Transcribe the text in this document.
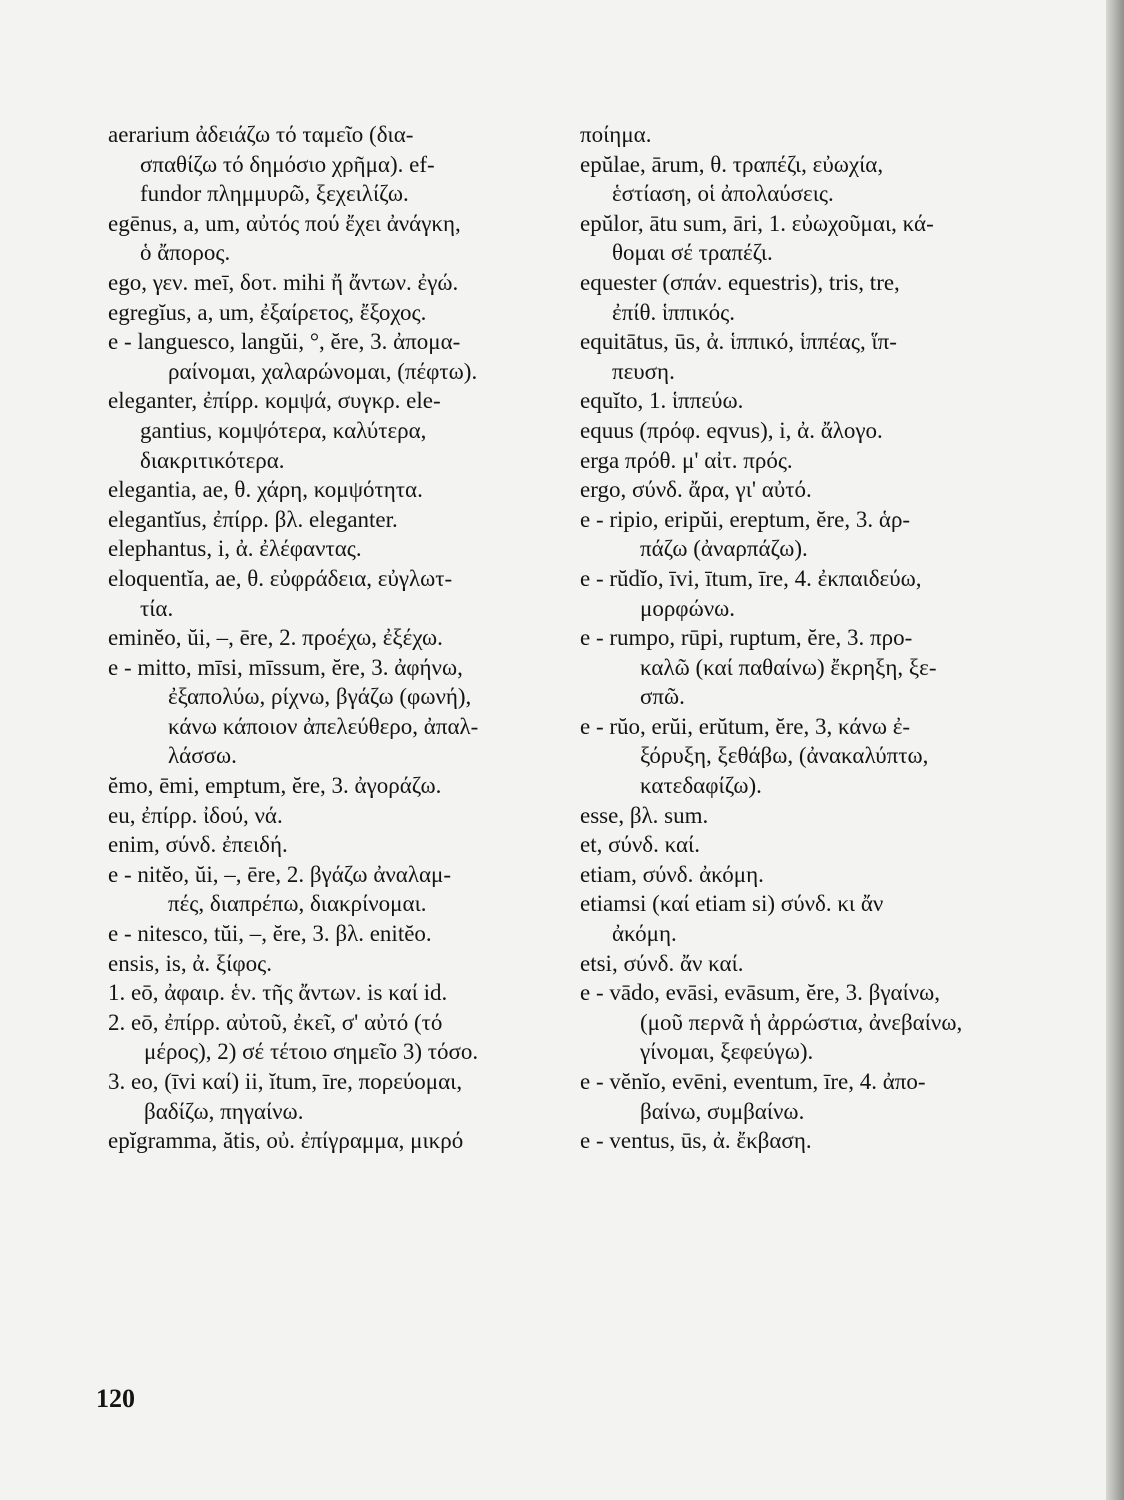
aerarium ἀδειάζω τό ταμεῖο (δια-
σπαθίζω τό δημόσιο χρῆμα). ef-
fundor πλημμυρῶ, ξεχειλίζω.
egēnus, a, um, αὐτός πού ἔχει ἀνάγκη,
ὁ ἄπορος.
ego, γεν. meī, δοτ. mihi ἤ ἄντων. ἐγώ.
egregĭus, a, um, ἐξαίρετος, ἔξοχος.
e - languesco, langŭi, °, ĕre, 3. ἀπομα-
ραίνομαι, χαλαρώνομαι, (πέφτω).
eleganter, ἐπίρρ. κομψά, συγκρ. ele-
gantius, κομψότερα, καλύτερα,
διακριτικότερα.
elegantia, ae, θ. χάρη, κομψότητα.
elegantĭus, ἐπίρρ. βλ. eleganter.
elephantus, i, ἀ. ἐλέφαντας.
eloquentĭa, ae, θ. εὐφράδεια, εὐγλωτ-
τία.
eminĕo, ŭi, –, ēre, 2. προέχω, ἐξέχω.
e - mitto, mīsi, mīssum, ĕre, 3. ἀφήνω,
ἐξαπολύω, ρίχνω, βγάζω (φωνή),
κάνω κάποιον ἀπελεύθερο, ἀπαλ-
λάσσω.
ĕmo, ēmi, emptum, ĕre, 3. ἀγοράζω.
eu, ἐπίρρ. ἰδού, νά.
enim, σύνδ. ἐπειδή.
e - nitĕo, ŭi, –, ēre, 2. βγάζω ἀναλαμ-
πές, διαπρέπω, διακρίνομαι.
e - nitesco, tŭi, –, ĕre, 3. βλ. enitĕo.
ensis, is, ἀ. ξίφος.
1. eō, ἀφαιρ. ἑν. τῆς ἄντων. is καί id.
2. eō, ἐπίρρ. αὐτοῦ, ἐκεῖ, σ' αὐτό (τό
μέρος), 2) σέ τέτοιο σημεῖο 3) τόσο.
3. eo, (īvi καί) ii, ĭtum, īre, πορεύομαι,
βαδίζω, πηγαίνω.
epĭgramma, ătis, οὐ. ἐπίγραμμα, μικρό
ποίημα.
epŭlae, ārum, θ. τραπέζι, εὐωχία,
ἑστίαση, οἱ ἀπολαύσεις.
epŭlor, ātu sum, āri, 1. εὐωχοῦμαι, κά-
θομαι σέ τραπέζι.
equester (σπάν. equestris), tris, tre,
ἐπίθ. ἱππικός.
equitātus, ūs, ἀ. ἱππικό, ἱππέας, ἵπ-
πευση.
equĭto, 1. ἱππεύω.
equus (πρόφ. eqvus), i, ἀ. ἄλογο.
erga πρόθ. μ' αἰτ. πρός.
ergo, σύνδ. ἄρα, γι' αὐτό.
e - ripio, eripŭi, ereptum, ĕre, 3. ἁρ-
πάζω (ἀναρπάζω).
e - rŭdĭo, īvi, ītum, īre, 4. ἐκπαιδεύω,
μορφώνω.
e - rumpo, rūpi, ruptum, ĕre, 3. προ-
καλῶ (καί παθαίνω) ἔκρηξη, ξε-
σπῶ.
e - rŭo, erŭi, erŭtum, ĕre, 3, κάνω ἐ-
ξόρυξη, ξεθάβω, (ἀνακαλύπτω,
κατεδαφίζω).
esse, βλ. sum.
et, σύνδ. καί.
etiam, σύνδ. ἀκόμη.
etiamsi (καί etiam si) σύνδ. κι ἄν
ἀκόμη.
etsi, σύνδ. ἄν καί.
e - vādo, evāsi, evāsum, ĕre, 3. βγαίνω,
(μοῦ περνᾶ ἡ ἀρρώστια, ἀνεβαίνω,
γίνομαι, ξεφεύγω).
e - vĕnĭo, evēni, eventum, īre, 4. ἀπο-
βαίνω, συμβαίνω.
e - ventus, ūs, ἀ. ἔκβαση.
120
